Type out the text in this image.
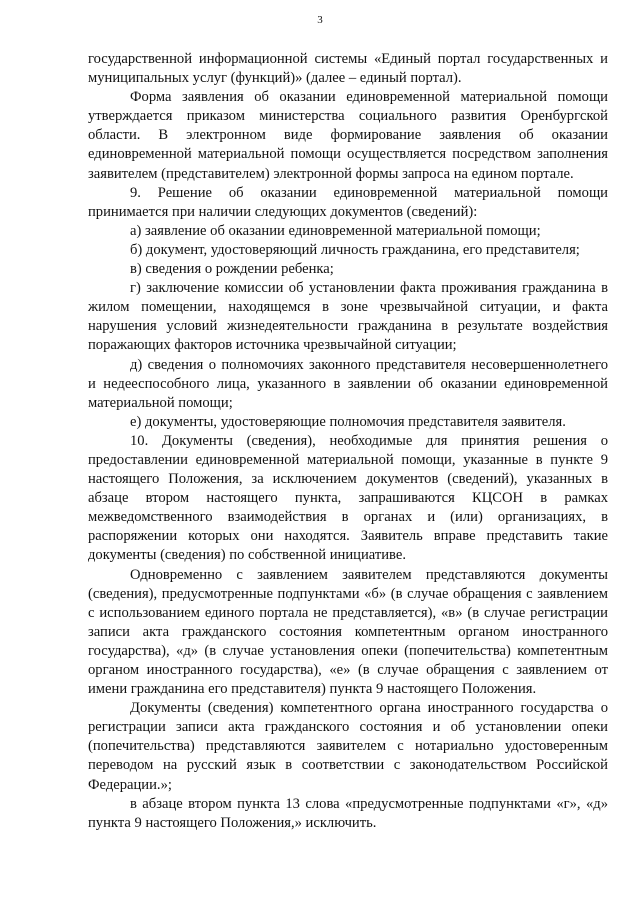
3

государственной информационной системы «Единый портал государственных и муниципальных услуг (функций)» (далее – единый портал).

Форма заявления об оказании единовременной материальной помощи утверждается приказом министерства социального развития Оренбургской области. В электронном виде формирование заявления об оказании единовременной материальной помощи осуществляется посредством заполнения заявителем (представителем) электронной формы запроса на едином портале.

9. Решение об оказании единовременной материальной помощи принимается при наличии следующих документов (сведений):

а) заявление об оказании единовременной материальной помощи;

б) документ, удостоверяющий личность гражданина, его представителя;

в) сведения о рождении ребенка;

г) заключение комиссии об установлении факта проживания гражданина в жилом помещении, находящемся в зоне чрезвычайной ситуации, и факта нарушения условий жизнедеятельности гражданина в результате воздействия поражающих факторов источника чрезвычайной ситуации;

д) сведения о полномочиях законного представителя несовершеннолетнего и недееспособного лица, указанного в заявлении об оказании единовременной материальной помощи;

е) документы, удостоверяющие полномочия представителя заявителя.

10. Документы (сведения), необходимые для принятия решения о предоставлении единовременной материальной помощи, указанные в пункте 9 настоящего Положения, за исключением документов (сведений), указанных в абзаце втором настоящего пункта, запрашиваются КЦСОН в рамках межведомственного взаимодействия в органах и (или) организациях, в распоряжении которых они находятся. Заявитель вправе представить такие документы (сведения) по собственной инициативе.

Одновременно с заявлением заявителем представляются документы (сведения), предусмотренные подпунктами «б» (в случае обращения с заявлением с использованием единого портала не представляется), «в» (в случае регистрации записи акта гражданского состояния компетентным органом иностранного государства), «д» (в случае установления опеки (попечительства) компетентным органом иностранного государства), «е» (в случае обращения с заявлением от имени гражданина его представителя) пункта 9 настоящего Положения.

Документы (сведения) компетентного органа иностранного государства о регистрации записи акта гражданского состояния и об установлении опеки (попечительства) представляются заявителем с нотариально удостоверенным переводом на русский язык в соответствии с законодательством Российской Федерации.»;

в абзаце втором пункта 13 слова «предусмотренные подпунктами «г», «д» пункта 9 настоящего Положения,» исключить.
